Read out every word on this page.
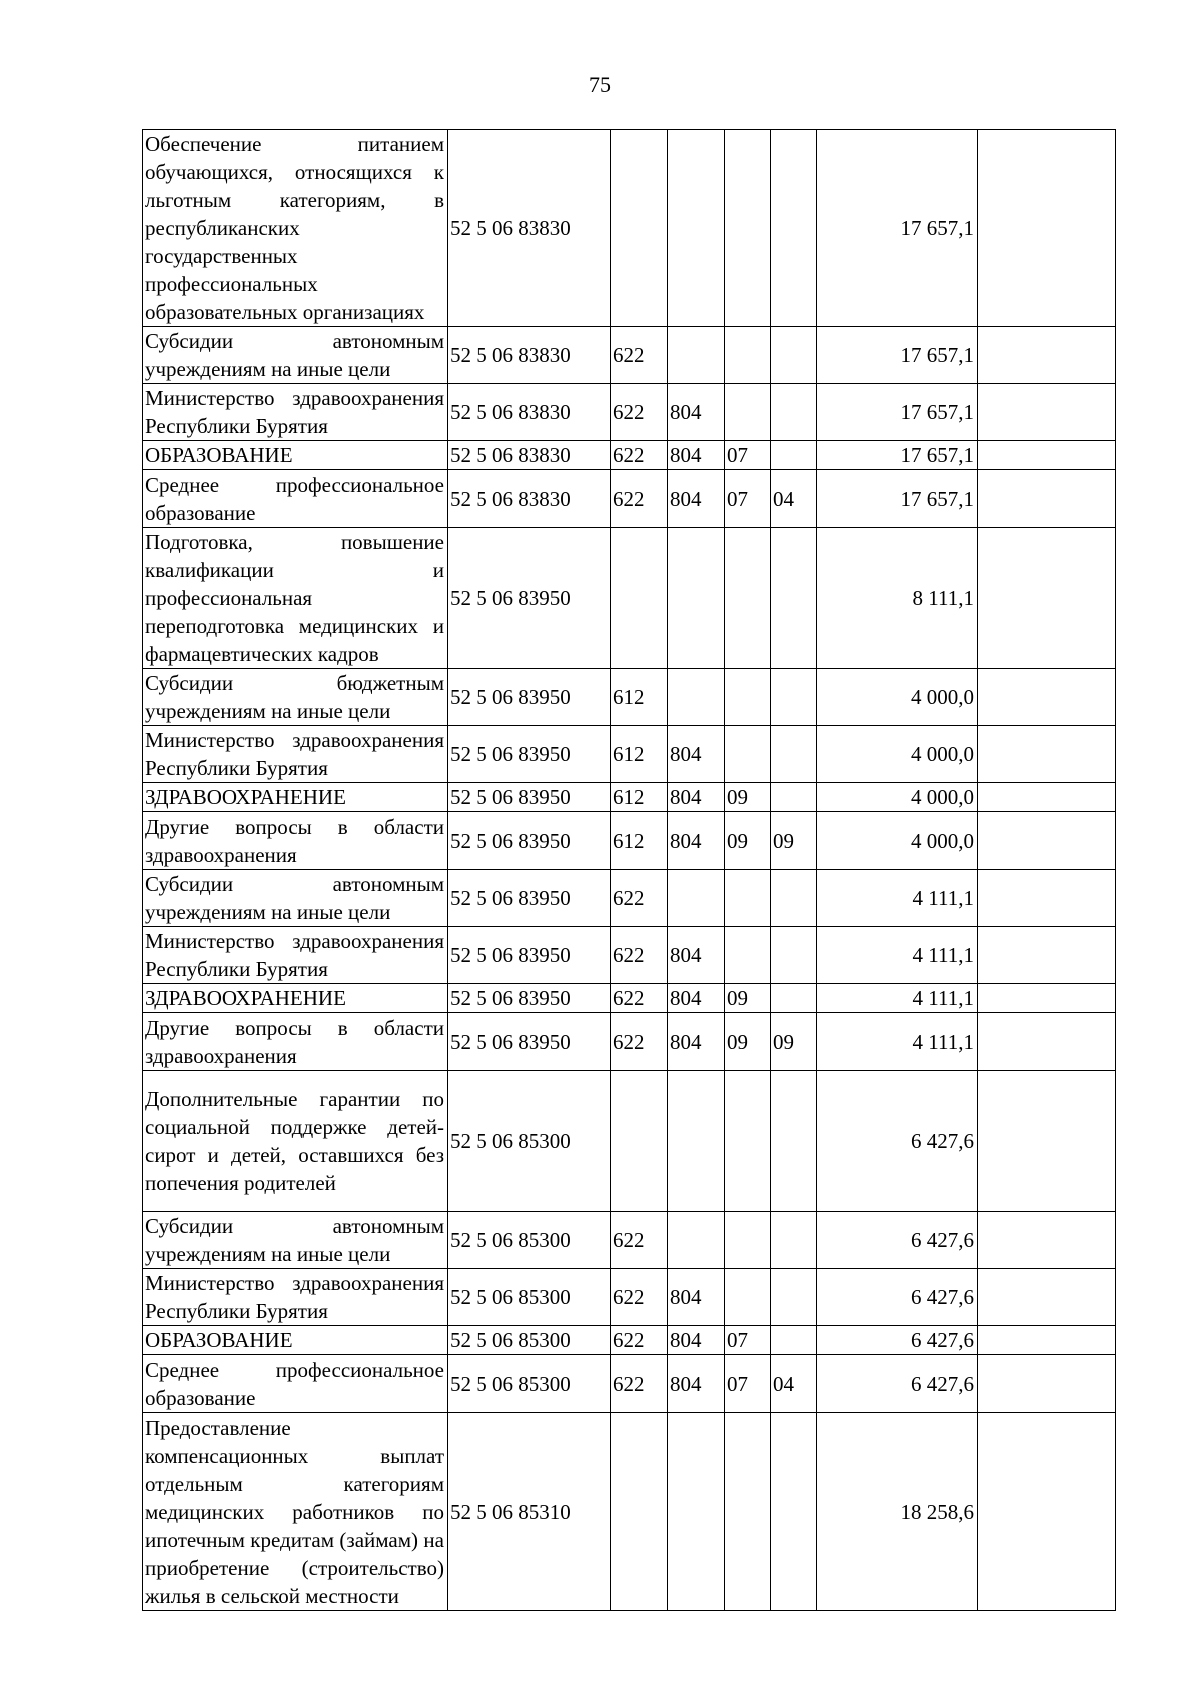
75
Обеспечение питанием обучающихся, относящихся к льготным категориям, в республиканских государственных профессиональных образовательных организациях	52 5 06 83830					17 657,1	
Субсидии автономным учреждениям на иные цели	52 5 06 83830	622				17 657,1	
Министерство здравоохранения Республики Бурятия	52 5 06 83830	622	804			17 657,1	
ОБРАЗОВАНИЕ	52 5 06 83830	622	804	07		17 657,1	
Среднее профессиональное образование	52 5 06 83830	622	804	07	04	17 657,1	
Подготовка, повышение квалификации и профессиональная переподготовка медицинских и фармацевтических кадров	52 5 06 83950					8 111,1	
Субсидии бюджетным учреждениям на иные цели	52 5 06 83950	612				4 000,0	
Министерство здравоохранения Республики Бурятия	52 5 06 83950	612	804			4 000,0	
ЗДРАВООХРАНЕНИЕ	52 5 06 83950	612	804	09		4 000,0	
Другие вопросы в области здравоохранения	52 5 06 83950	612	804	09	09	4 000,0	
Субсидии автономным учреждениям на иные цели	52 5 06 83950	622				4 111,1	
Министерство здравоохранения Республики Бурятия	52 5 06 83950	622	804			4 111,1	
ЗДРАВООХРАНЕНИЕ	52 5 06 83950	622	804	09		4 111,1	
Другие вопросы в области здравоохранения	52 5 06 83950	622	804	09	09	4 111,1	
Дополнительные гарантии по социальной поддержке детей-сирот и детей, оставшихся без попечения родителей	52 5 06 85300					6 427,6	
Субсидии автономным учреждениям на иные цели	52 5 06 85300	622				6 427,6	
Министерство здравоохранения Республики Бурятия	52 5 06 85300	622	804			6 427,6	
ОБРАЗОВАНИЕ	52 5 06 85300	622	804	07		6 427,6	
Среднее профессиональное образование	52 5 06 85300	622	804	07	04	6 427,6	
Предоставление компенсационных выплат отдельным категориям медицинских работников по ипотечным кредитам (займам) на приобретение (строительство) жилья в сельской местности	52 5 06 85310					18 258,6	
